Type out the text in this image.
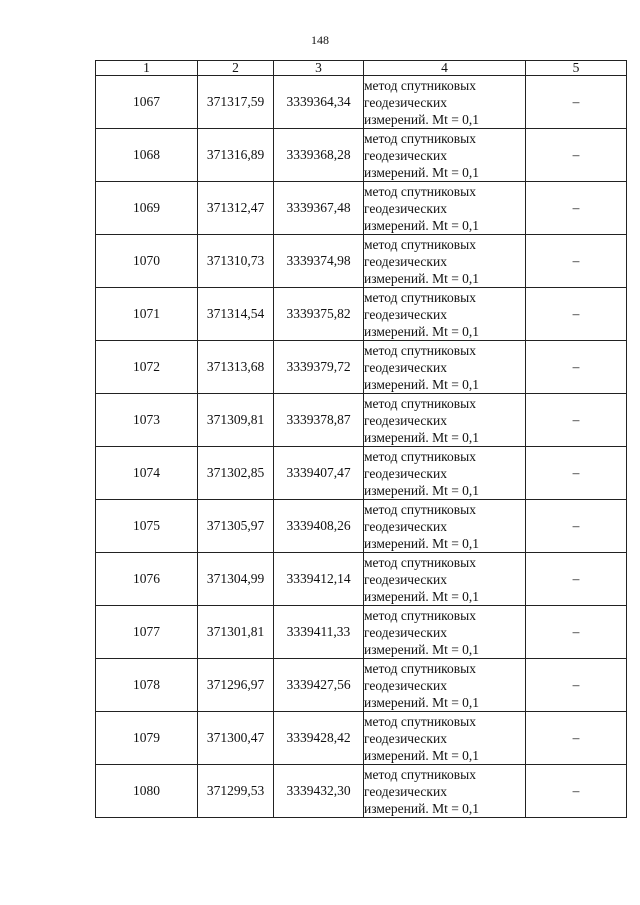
148
1	2	3	4	5
1067	371317,59	3339364,34	метод спутниковых
геодезических
измерений. Mt = 0,1	–
1068	371316,89	3339368,28	метод спутниковых
геодезических
измерений. Mt = 0,1	–
1069	371312,47	3339367,48	метод спутниковых
геодезических
измерений. Mt = 0,1	–
1070	371310,73	3339374,98	метод спутниковых
геодезических
измерений. Mt = 0,1	–
1071	371314,54	3339375,82	метод спутниковых
геодезических
измерений. Mt = 0,1	–
1072	371313,68	3339379,72	метод спутниковых
геодезических
измерений. Mt = 0,1	–
1073	371309,81	3339378,87	метод спутниковых
геодезических
измерений. Mt = 0,1	–
1074	371302,85	3339407,47	метод спутниковых
геодезических
измерений. Mt = 0,1	–
1075	371305,97	3339408,26	метод спутниковых
геодезических
измерений. Mt = 0,1	–
1076	371304,99	3339412,14	метод спутниковых
геодезических
измерений. Mt = 0,1	–
1077	371301,81	3339411,33	метод спутниковых
геодезических
измерений. Mt = 0,1	–
1078	371296,97	3339427,56	метод спутниковых
геодезических
измерений. Mt = 0,1	–
1079	371300,47	3339428,42	метод спутниковых
геодезических
измерений. Mt = 0,1	–
1080	371299,53	3339432,30	метод спутниковых
геодезических
измерений. Mt = 0,1	–
